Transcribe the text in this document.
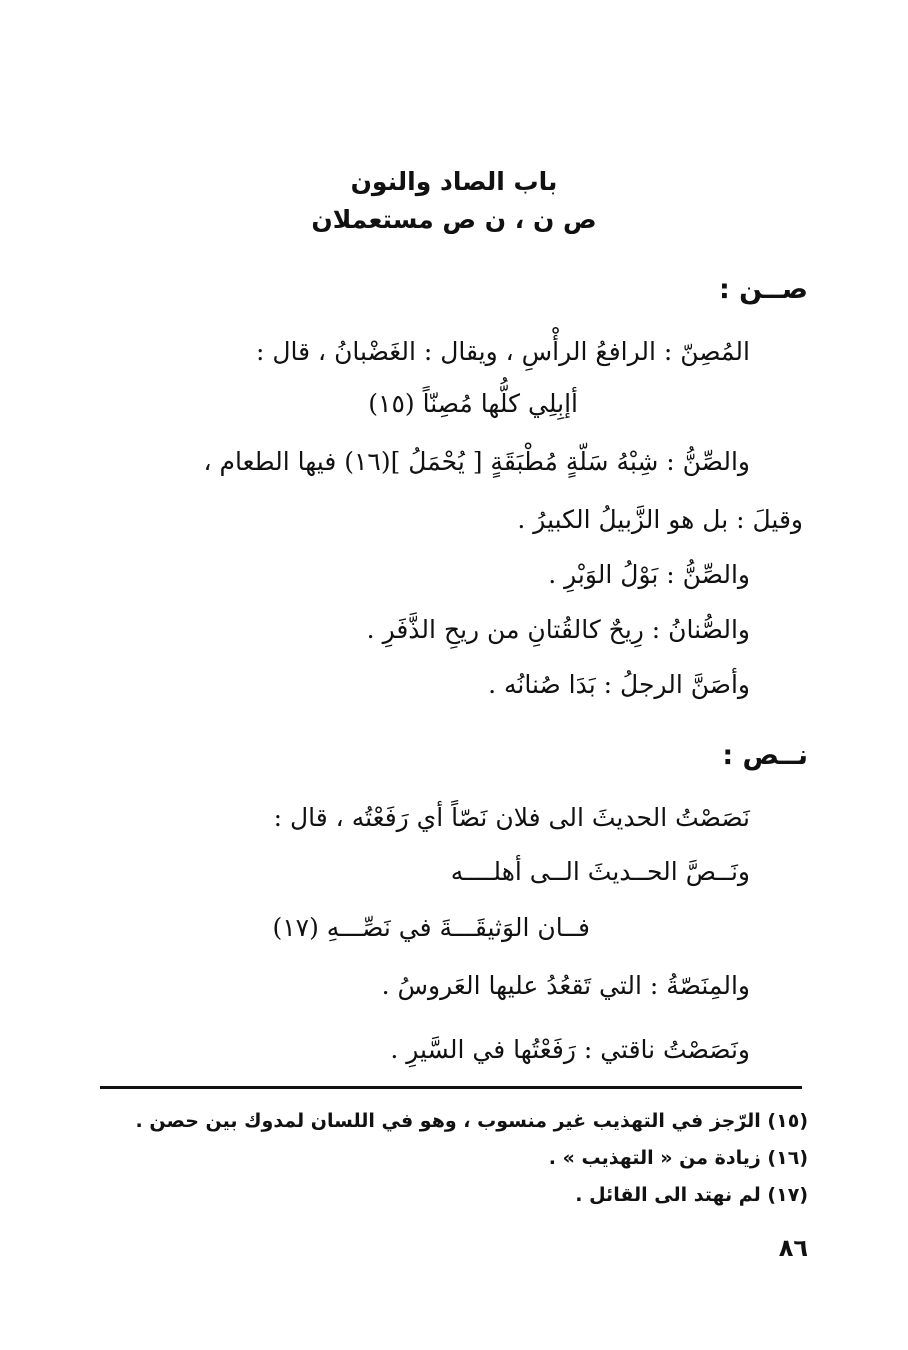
باب الصاد والنون
ص ن ، ن ص مستعملان
صــن :
المُصِنّ : الرافعُ الرأْسِ ، ويقال : الغَضْبانُ ، قال :
أإبِلِي كلُّها مُصِنّاً (١٥)
والصِّنُّ : شِبْهُ سَلّةٍ مُطْبَقَةٍ [ يُحْمَلُ ](١٦) فيها الطعام ،
وقيلَ : بل هو الزَّبيلُ الكبيرُ .
والصِّنُّ : بَوْلُ الوَبْرِ .
والصُّنانُ : رِيحٌ كالقُتانِ من ريحِ الذَّفَرِ .
وأصَنَّ الرجلُ : بَدَا صُنانُه .
نــص :
نَصَصْتُ الحديثَ الى فلان نَصّاً أي رَفَعْتُه ، قال :
ونَــصَّ الحــديثَ الــى أهلــــه
فــان الوَثيقَـــةَ في نَصِّـــهِ (١٧)
والمِنَصّةُ : التي تَقعُدُ عليها العَروسُ .
ونَصَصْتُ ناقتي : رَفَعْتُها في السَّيرِ .
(١٥) الرّجز في التهذيب غير منسوب ، وهو في اللسان لمدوك بين حصن .
(١٦) زيادة من « التهذيب » .
(١٧) لم نهتد الى القائل .
٨٦
